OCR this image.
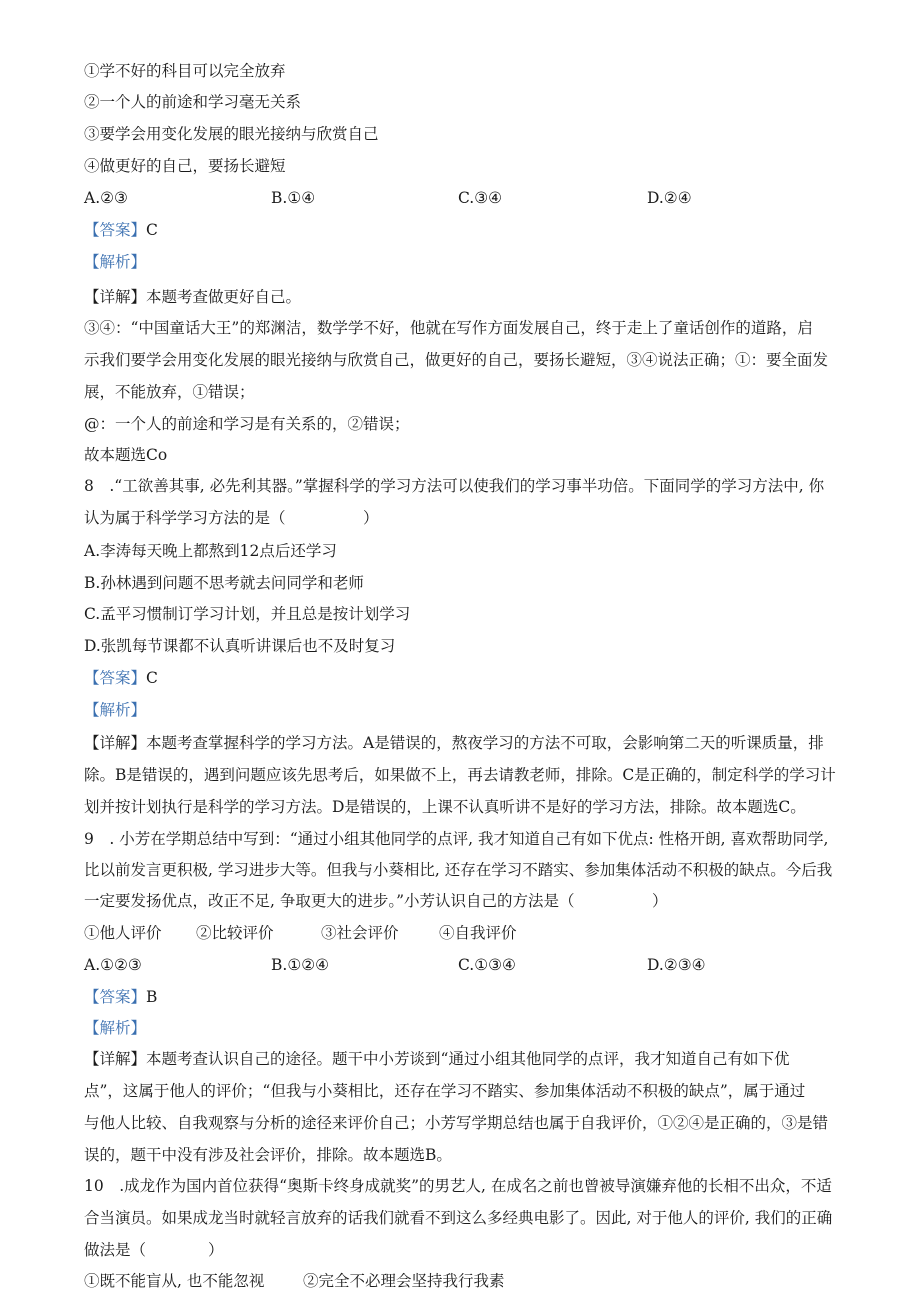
①学不好的科目可以完全放弃
②一个人的前途和学习毫无关系
③要学会用变化发展的眼光接纳与欣赏自己
④做更好的自己，要扬长避短
A.②③	B.①④	C.③④	D.②④
【答案】C
【解析】
【详解】本题考查做更好自己。
③④：“中国童话大王”的郑渊洁，数学学不好，他就在写作方面发展自己，终于走上了童话创作的道路，启
示我们要学会用变化发展的眼光接纳与欣赏自己，做更好的自己，要扬长避短，③④说法正确；①：要全面发
展，不能放弃，①错误；
@：一个人的前途和学习是有关系的，②错误；
故本题选Co
8　.“工欲善其事, 必先利其器。”掌握科学的学习方法可以使我们的学习事半功倍。下面同学的学习方法中, 你
认为属于科学学习方法的是（　　　　　）
A.李涛每天晚上都熬到12点后还学习
B.孙林遇到问题不思考就去问同学和老师
C.孟平习惯制订学习计划，并且总是按计划学习
D.张凯每节课都不认真听讲课后也不及时复习
【答案】C
【解析】
【详解】本题考查掌握科学的学习方法。A是错误的，熬夜学习的方法不可取，会影响第二天的听课质量，排
除。B是错误的，遇到问题应该先思考后，如果做不上，再去请教老师，排除。C是正确的，制定科学的学习计
划并按计划执行是科学的学习方法。D是错误的，上课不认真听讲不是好的学习方法，排除。故本题选C。
9　. 小芳在学期总结中写到：“通过小组其他同学的点评, 我才知道自己有如下优点: 性格开朗, 喜欢帮助同学,
比以前发言更积极, 学习进步大等。但我与小葵相比, 还存在学习不踏实、参加集体活动不积极的缺点。今后我
一定要发扬优点，改正不足, 争取更大的进步。”小芳认识自己的方法是（　　　　　）
①他人评价 ②比较评价	③社会评价	④自我评价
A.①②③	B.①②④	C.①③④	D.②③④
【答案】B
【解析】
【详解】本题考查认识自己的途径。题干中小芳谈到“通过小组其他同学的点评，我才知道自己有如下优
点”，这属于他人的评价；“但我与小葵相比，还存在学习不踏实、参加集体活动不积极的缺点”，属于通过
与他人比较、自我观察与分析的途径来评价自己；小芳写学期总结也属于自我评价，①②④是正确的，③是错
误的，题干中没有涉及社会评价，排除。故本题选B。
10　.成龙作为国内首位获得“奥斯卡终身成就奖”的男艺人, 在成名之前也曾被导演嫌弃他的长相不出众，不适
合当演员。如果成龙当时就轻言放弃的话我们就看不到这么多经典电影了。因此, 对于他人的评价, 我们的正确
做法是（　　　　）
①既不能盲从, 也不能忽视 ②完全不必理会坚持我行我素
